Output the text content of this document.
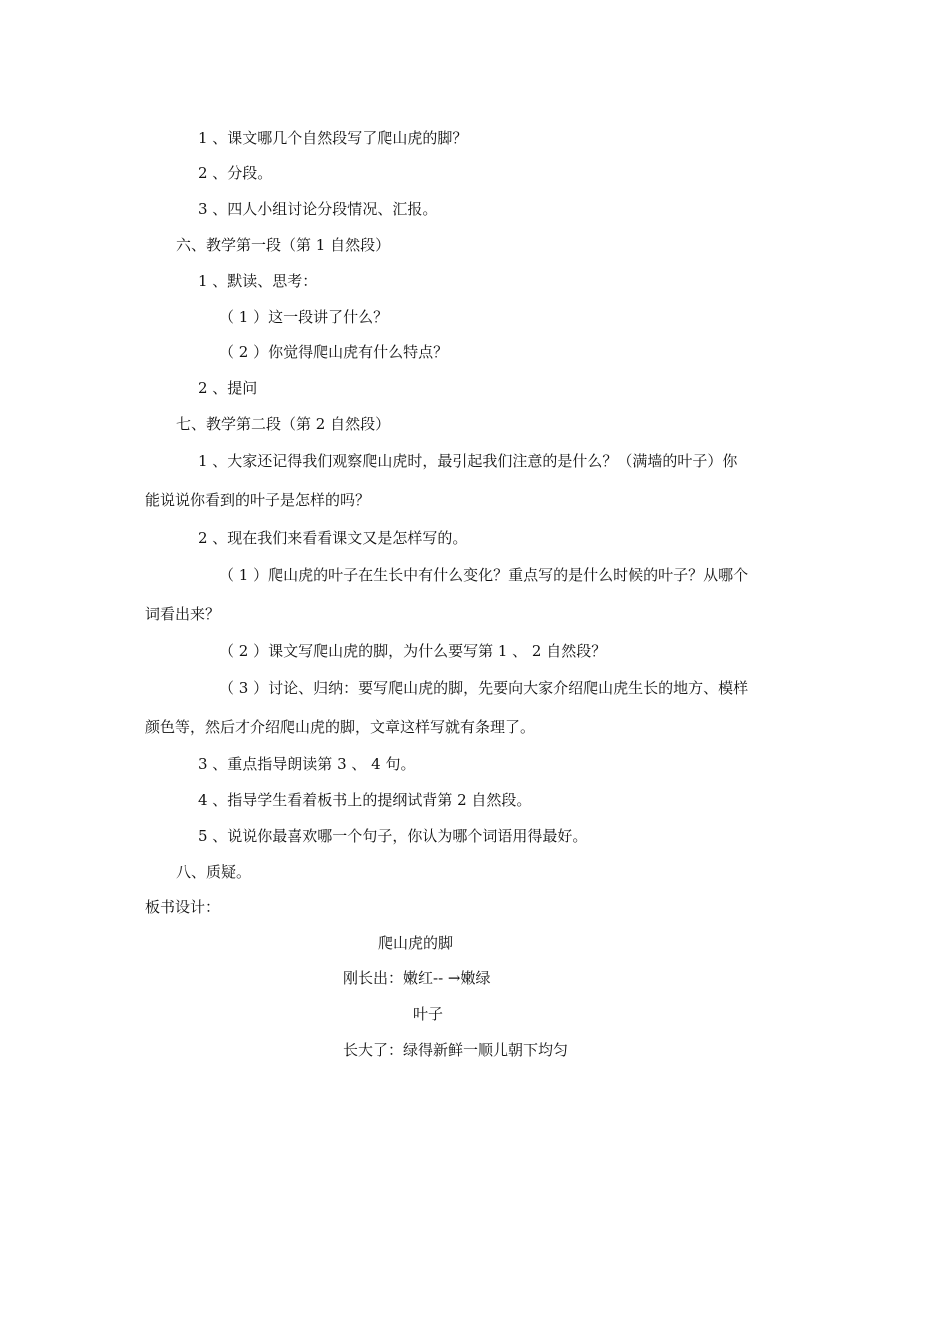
1 、课文哪几个自然段写了爬山虎的脚？
2 、分段。
3 、四人小组讨论分段情况、汇报。
六、教学第一段（第 1 自然段）
1 、默读、思考：
（ 1 ）这一段讲了什么？
（ 2 ）你觉得爬山虎有什么特点？
2 、提问
七、教学第二段（第 2 自然段）
1 、大家还记得我们观察爬山虎时，最引起我们注意的是什么？（满墙的叶子）你
能说说你看到的叶子是怎样的吗？
2 、现在我们来看看课文又是怎样写的。
（ 1 ）爬山虎的叶子在生长中有什么变化？重点写的是什么时候的叶子？从哪个
词看出来？
（ 2 ）课文写爬山虎的脚，为什么要写第 1 、 2 自然段？
（ 3 ）讨论、归纳：要写爬山虎的脚，先要向大家介绍爬山虎生长的地方、模样
颜色等，然后才介绍爬山虎的脚，文章这样写就有条理了。
3 、重点指导朗读第 3 、 4 句。
4 、指导学生看着板书上的提纲试背第 2 自然段。
5 、说说你最喜欢哪一个句子，你认为哪个词语用得最好。
八、质疑。
板书设计：
爬山虎的脚
刚长出：嫩红-- →嫩绿
叶子
长大了：绿得新鲜一顺儿朝下均匀
